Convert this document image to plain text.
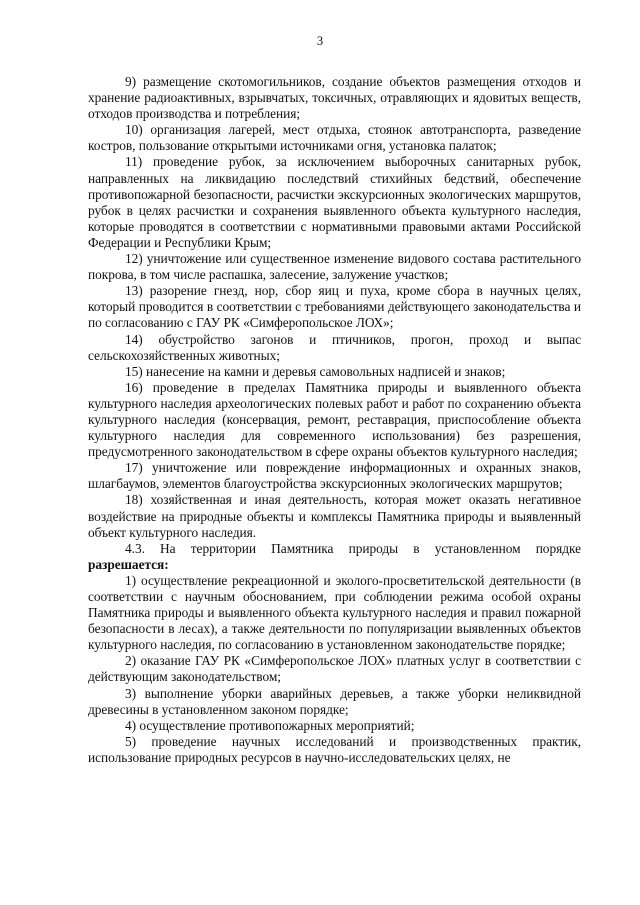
3

9) размещение скотомогильников, создание объектов размещения отходов и хранение радиоактивных, взрывчатых, токсичных, отравляющих и ядовитых веществ, отходов производства и потребления;

10) организация лагерей, мест отдыха, стоянок автотранспорта, разведение костров, пользование открытыми источниками огня, установка палаток;

11) проведение рубок, за исключением выборочных санитарных рубок, направленных на ликвидацию последствий стихийных бедствий, обеспечение противопожарной безопасности, расчистки экскурсионных экологических маршрутов, рубок в целях расчистки и сохранения выявленного объекта культурного наследия, которые проводятся в соответствии с нормативными правовыми актами Российской Федерации и Республики Крым;

12) уничтожение или существенное изменение видового состава растительного покрова, в том числе распашка, залесение, залужение участков;

13) разорение гнезд, нор, сбор яиц и пуха, кроме сбора в научных целях, который проводится в соответствии с требованиями действующего законодательства и по согласованию с ГАУ РК «Симферопольское ЛОХ»;

14) обустройство загонов и птичников, прогон, проход и выпас сельскохозяйственных животных;

15) нанесение на камни и деревья самовольных надписей и знаков;

16) проведение в пределах Памятника природы и выявленного объекта культурного наследия археологических полевых работ и работ по сохранению объекта культурного наследия (консервация, ремонт, реставрация, приспособление объекта культурного наследия для современного использования) без разрешения, предусмотренного законодательством в сфере охраны объектов культурного наследия;

17) уничтожение или повреждение информационных и охранных знаков, шлагбаумов, элементов благоустройства экскурсионных экологических маршрутов;

18) хозяйственная и иная деятельность, которая может оказать негативное воздействие на природные объекты и комплексы Памятника природы и выявленный объект культурного наследия.

4.3. На территории Памятника природы в установленном порядке разрешается:

1) осуществление рекреационной и эколого-просветительской деятельности (в соответствии с научным обоснованием, при соблюдении режима особой охраны Памятника природы и выявленного объекта культурного наследия и правил пожарной безопасности в лесах), а также деятельности по популяризации выявленных объектов культурного наследия, по согласованию в установленном законодательстве порядке;

2) оказание ГАУ РК «Симферопольское ЛОХ» платных услуг в соответствии с действующим законодательством;

3) выполнение уборки аварийных деревьев, а также уборки неликвидной древесины в установленном законом порядке;

4) осуществление противопожарных мероприятий;

5) проведение научных исследований и производственных практик, использование природных ресурсов в научно-исследовательских целях, не
